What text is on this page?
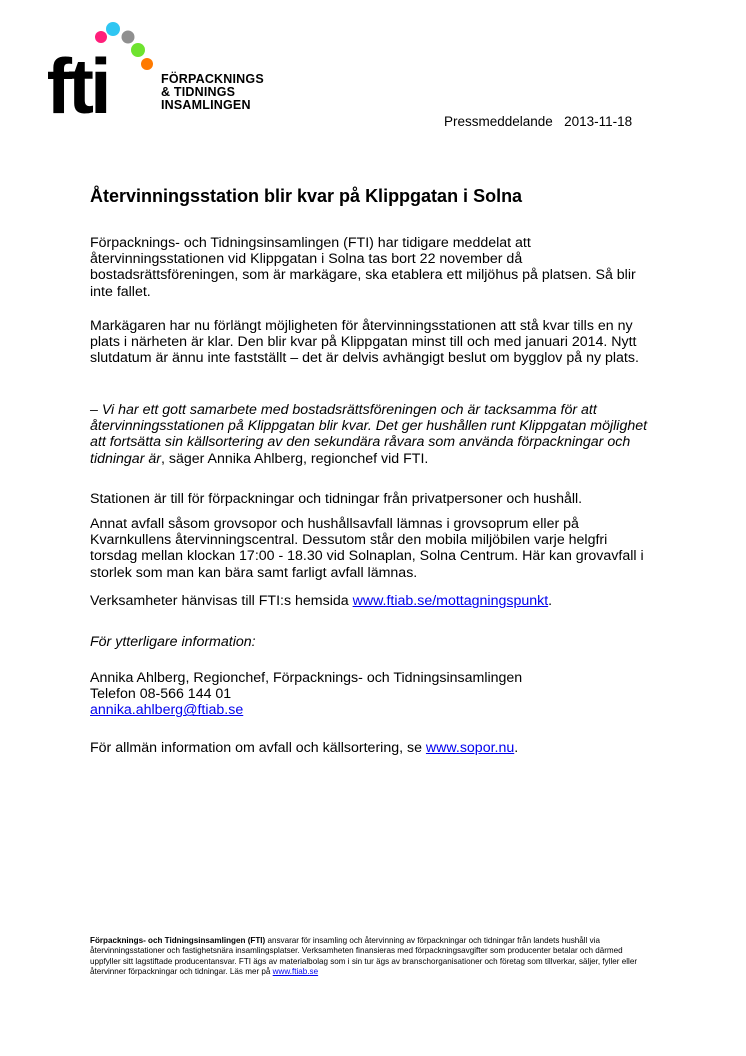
fti	FÖRPACKNINGS
& TIDNINGS
INSAMLINGEN
Pressmeddelande 2013-11-18
Återvinningsstation blir kvar på Klippgatan i Solna

Förpacknings- och Tidningsinsamlingen (FTI) har tidigare meddelat att återvinningsstationen vid Klippgatan i Solna tas bort 22 november då bostadsrättsföreningen, som är markägare, ska etablera ett miljöhus på platsen. Så blir inte fallet.

Markägaren har nu förlängt möjligheten för återvinningsstationen att stå kvar tills en ny plats i närheten är klar. Den blir kvar på Klippgatan minst till och med januari 2014. Nytt slutdatum är ännu inte fastställt – det är delvis avhängigt beslut om bygglov på ny plats.

– Vi har ett gott samarbete med bostadsrättsföreningen och är tacksamma för att återvinningsstationen på Klippgatan blir kvar. Det ger hushållen runt Klippgatan möjlighet att fortsätta sin källsortering av den sekundära råvara som använda förpackningar och tidningar är, säger Annika Ahlberg, regionchef vid FTI.

Stationen är till för förpackningar och tidningar från privatpersoner och hushåll.

Annat avfall såsom grovsopor och hushållsavfall lämnas i grovsoprum eller på Kvarnkullens återvinningscentral. Dessutom står den mobila miljöbilen varje helgfri torsdag mellan klockan 17:00 - 18.30 vid Solnaplan, Solna Centrum. Här kan grovavfall i storlek som man kan bära samt farligt avfall lämnas.

Verksamheter hänvisas till FTI:s hemsida www.ftiab.se/mottagningspunkt.

För ytterligare information:

Annika Ahlberg, Regionchef, Förpacknings- och Tidningsinsamlingen
Telefon 08-566 144 01
annika.ahlberg@ftiab.se

För allmän information om avfall och källsortering, se www.sopor.nu.

Förpacknings- och Tidningsinsamlingen (FTI) ansvarar för insamling och återvinning av förpackningar och tidningar från landets hushåll via återvinningsstationer och fastighetsnära insamlingsplatser. Verksamheten finansieras med förpackningsavgifter som producenter betalar och därmed uppfyller sitt lagstiftade producentansvar. FTI ägs av materialbolag som i sin tur ägs av branschorganisationer och företag som tillverkar, säljer, fyller eller återvinner förpackningar och tidningar. Läs mer på www.ftiab.se
